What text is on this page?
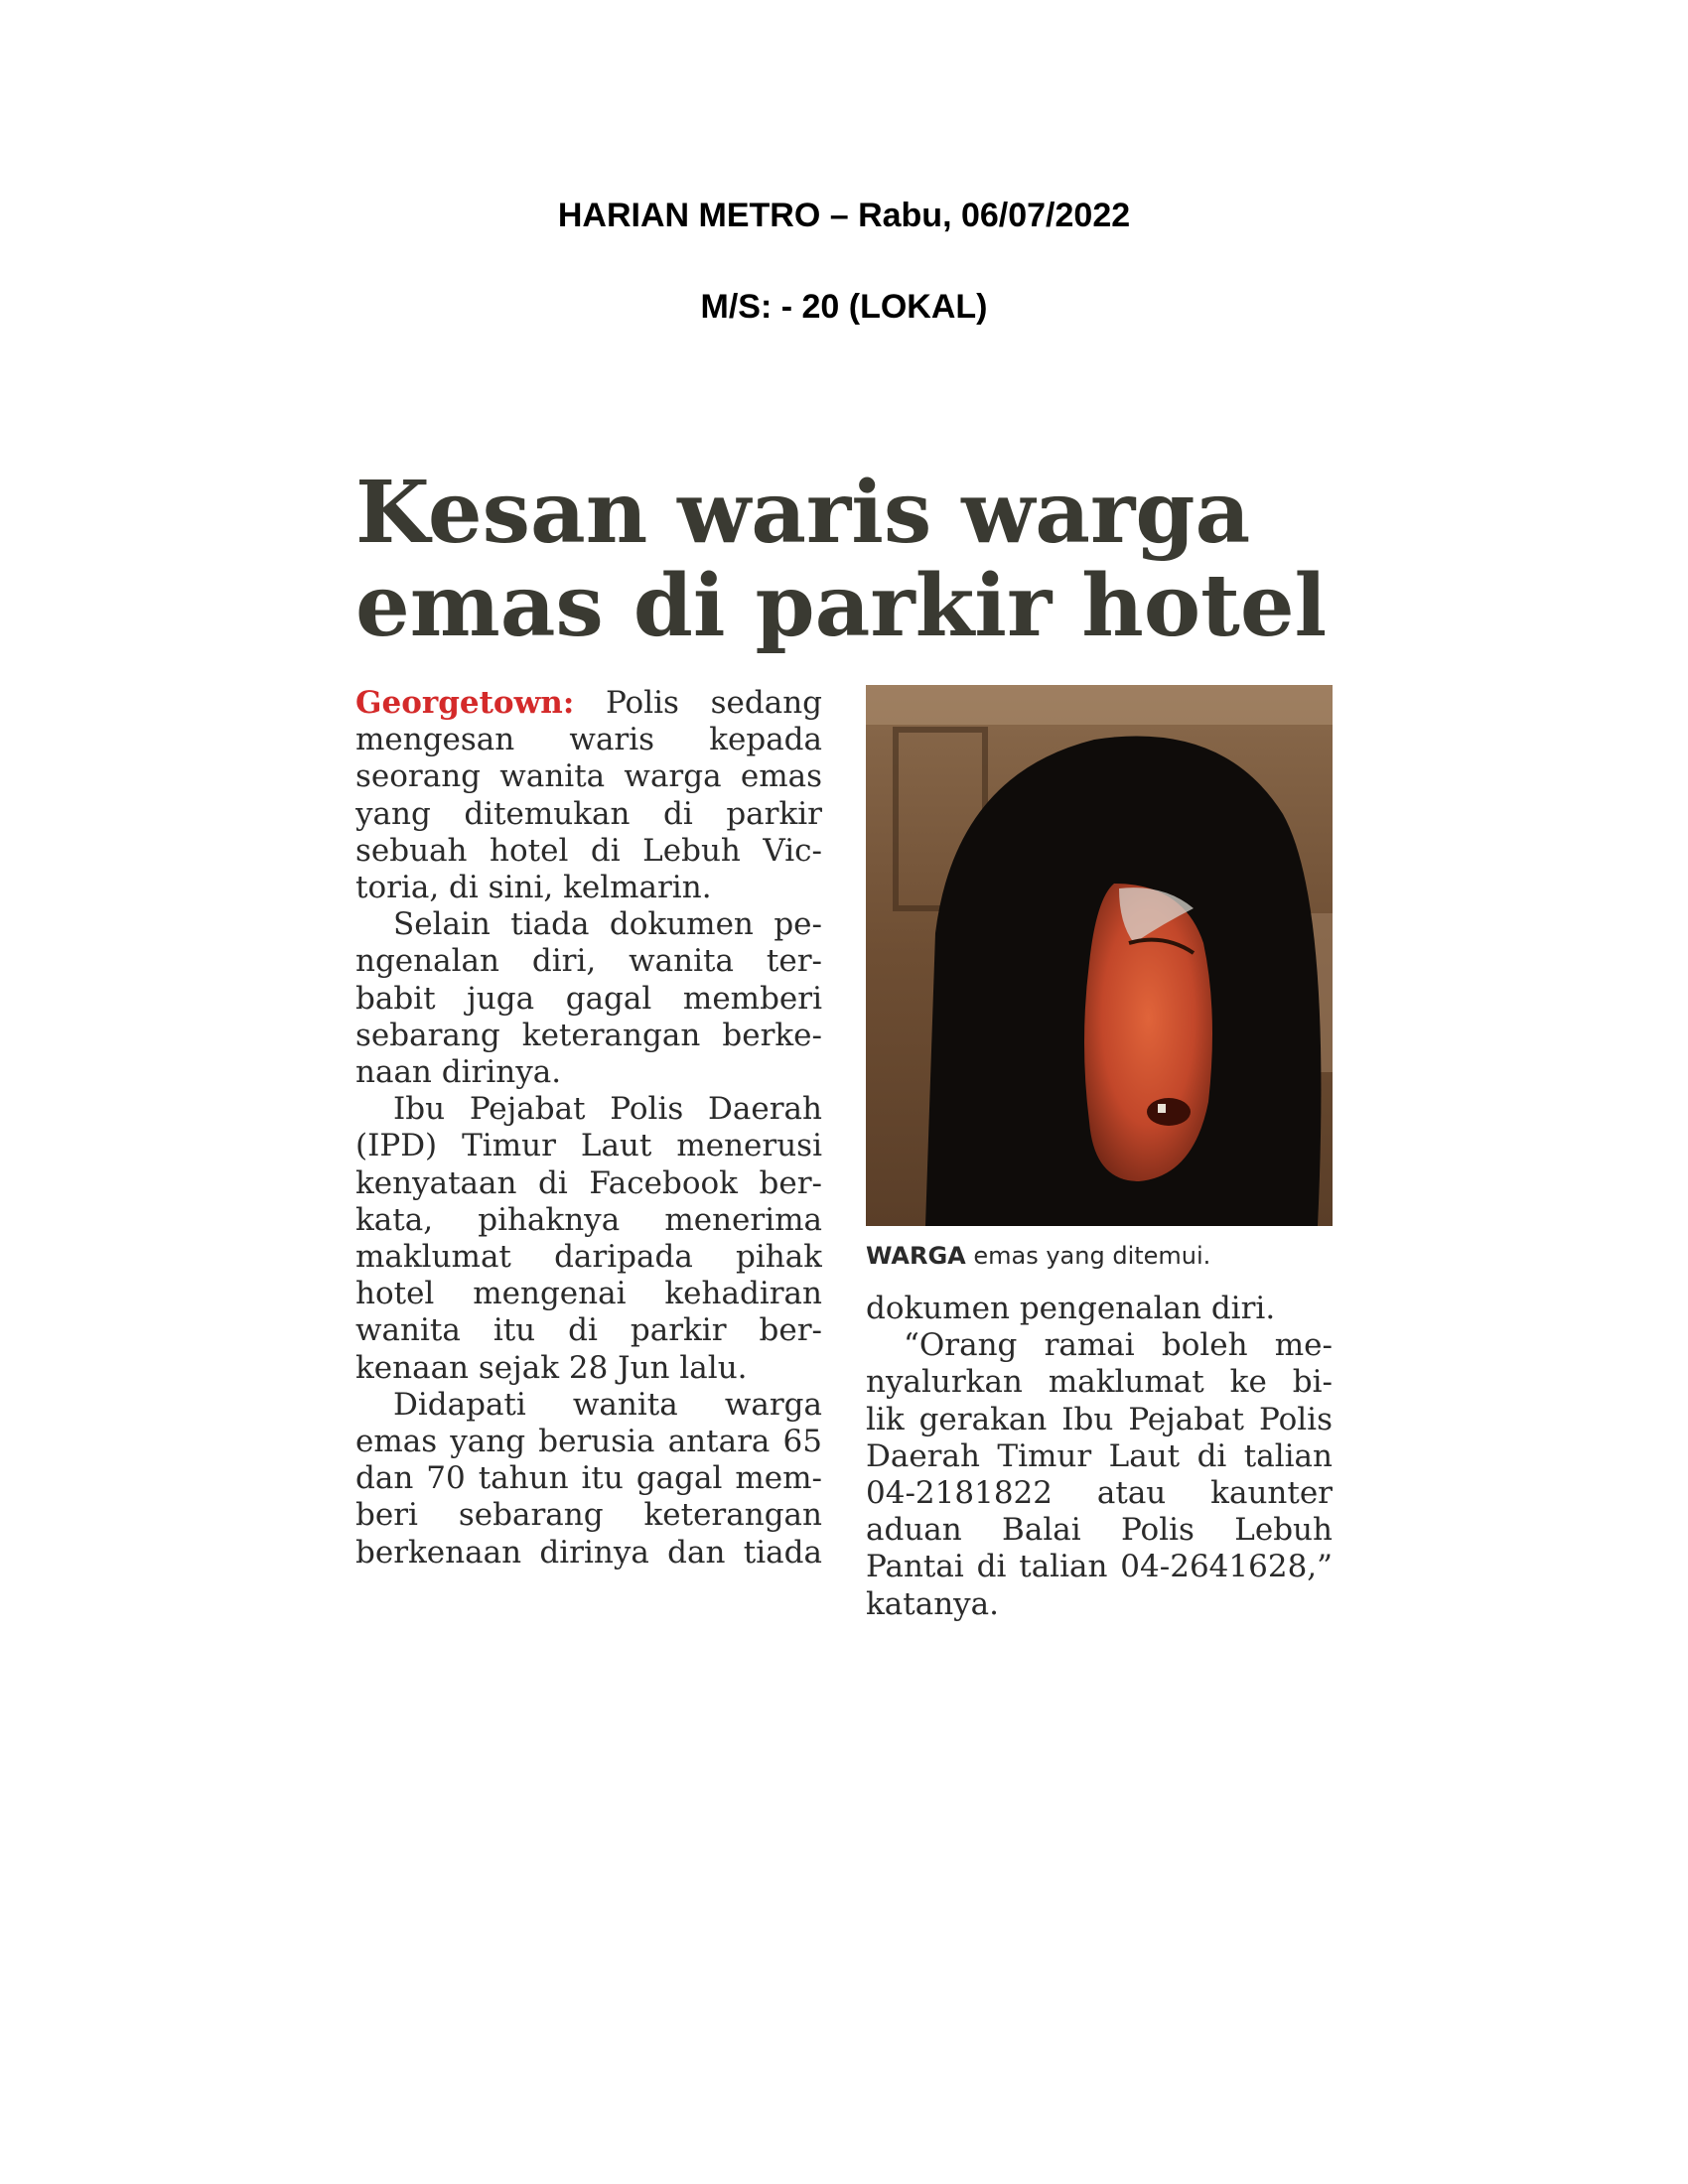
HARIAN METRO – Rabu, 06/07/2022
M/S: - 20 (LOKAL)
Kesan waris warga
emas di parkir hotel
Georgetown: Polis sedang
mengesan waris kepada
seorang wanita warga emas
yang ditemukan di parkir
sebuah hotel di Lebuh Vic-
toria, di sini, kelmarin.
Selain tiada dokumen pe-
ngenalan diri, wanita ter-
babit juga gagal memberi
sebarang keterangan berke-
naan dirinya.
Ibu Pejabat Polis Daerah
(IPD) Timur Laut menerusi
kenyataan di Facebook ber-
kata, pihaknya menerima
maklumat daripada pihak
hotel mengenai kehadiran
wanita itu di parkir ber-
kenaan sejak 28 Jun lalu.
Didapati wanita warga
emas yang berusia antara 65
dan 70 tahun itu gagal mem-
beri sebarang keterangan
berkenaan dirinya dan tiada
WARGA emas yang ditemui.
dokumen pengenalan diri.
“Orang ramai boleh me-
nyalurkan maklumat ke bi-
lik gerakan Ibu Pejabat Polis
Daerah Timur Laut di talian
04-2181822 atau kaunter
aduan Balai Polis Lebuh
Pantai di talian 04-2641628,”
katanya.
